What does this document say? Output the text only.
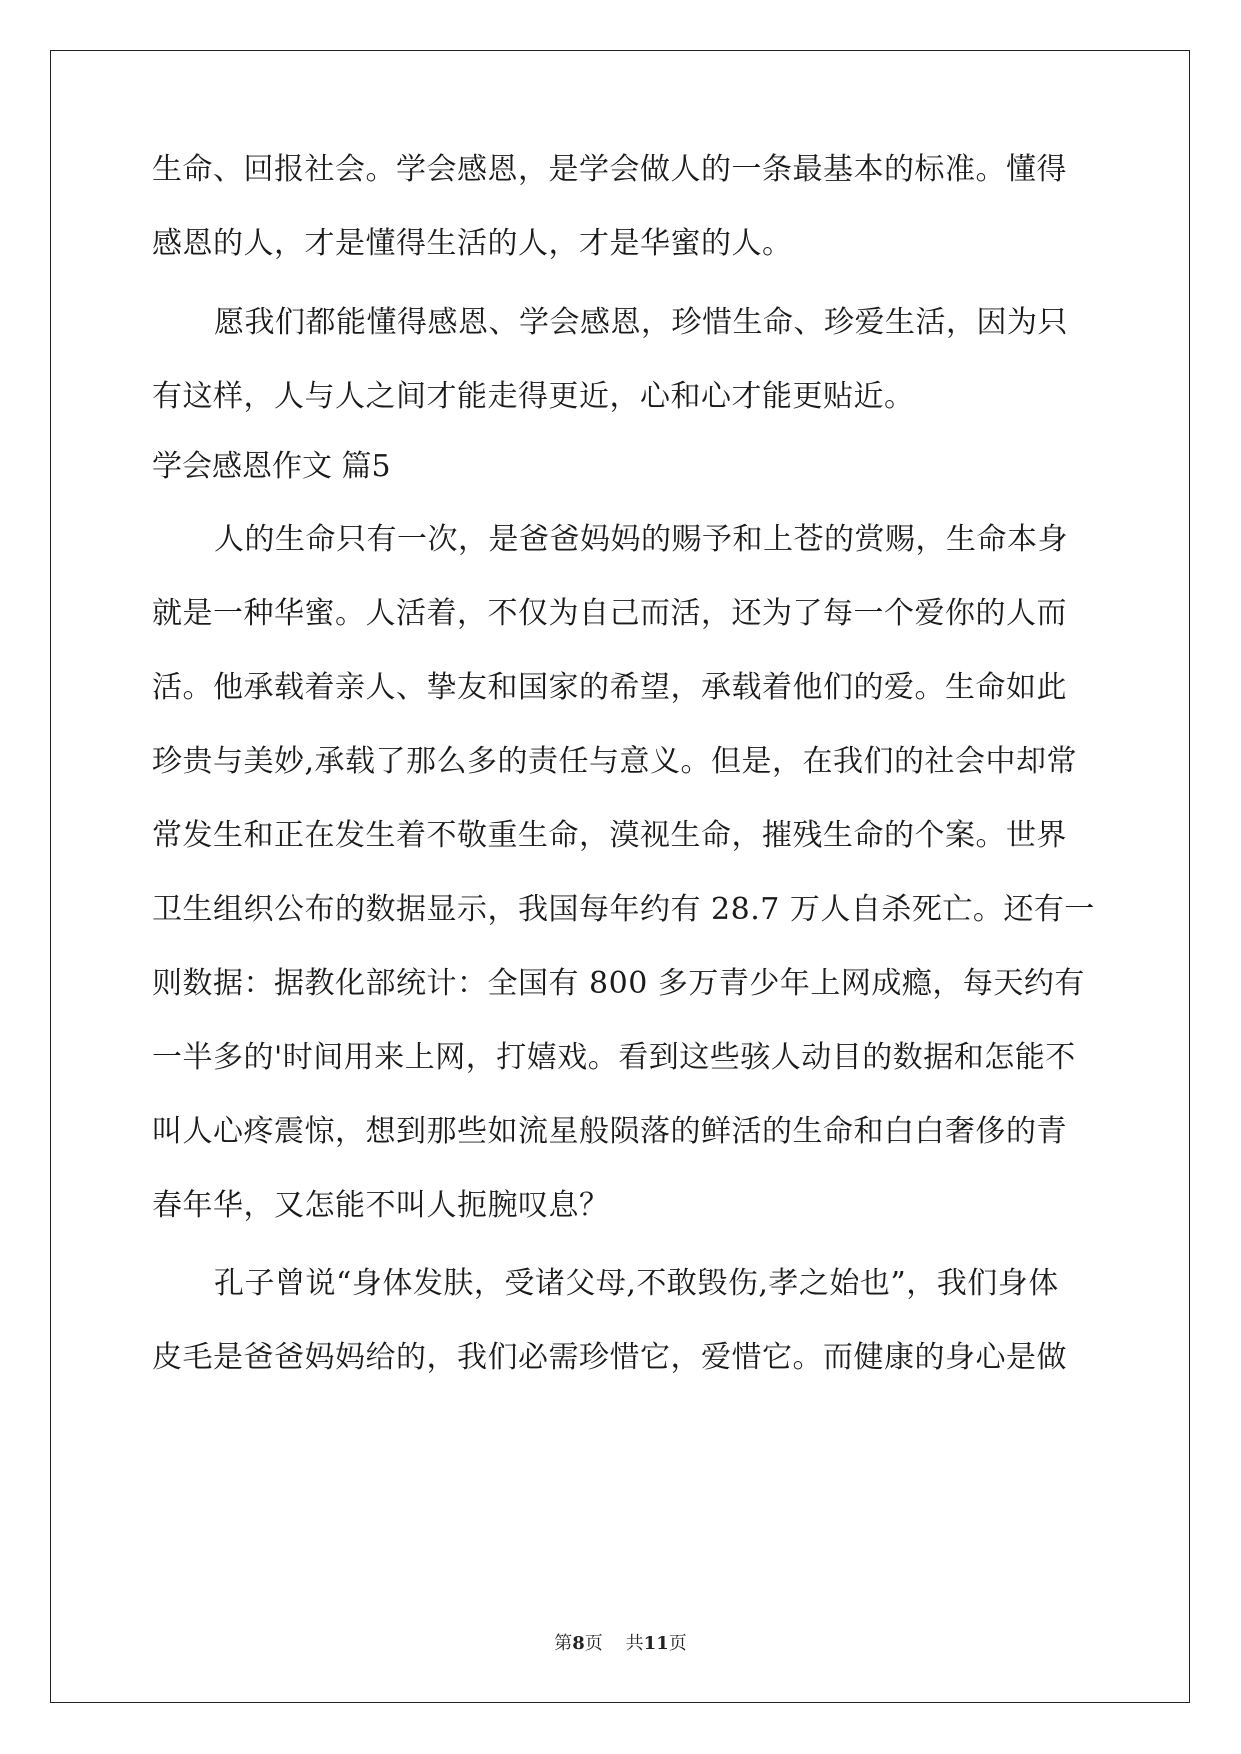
生命、回报社会。学会感恩，是学会做人的一条最基本的标准。懂得
感恩的人，才是懂得生活的人，才是华蜜的人。
愿我们都能懂得感恩、学会感恩，珍惜生命、珍爱生活，因为只
有这样，人与人之间才能走得更近，心和心才能更贴近。
学会感恩作文 篇5
人的生命只有一次，是爸爸妈妈的赐予和上苍的赏赐，生命本身
就是一种华蜜。人活着，不仅为自己而活，还为了每一个爱你的人而
活。他承载着亲人、挚友和国家的希望，承载着他们的爱。生命如此
珍贵与美妙,承载了那么多的责任与意义。但是，在我们的社会中却常
常发生和正在发生着不敬重生命，漠视生命，摧残生命的个案。世界
卫生组织公布的数据显示，我国每年约有 28.7 万人自杀死亡。还有一
则数据：据教化部统计：全国有 800 多万青少年上网成瘾，每天约有
一半多的'时间用来上网，打嬉戏。看到这些骇人动目的数据和怎能不
叫人心疼震惊，想到那些如流星般陨落的鲜活的生命和白白奢侈的青
春年华，又怎能不叫人扼腕叹息？
孔子曾说“身体发肤，受诸父母,不敢毁伤,孝之始也”，我们身体
皮毛是爸爸妈妈给的，我们必需珍惜它，爱惜它。而健康的身心是做
第8页    共11页
